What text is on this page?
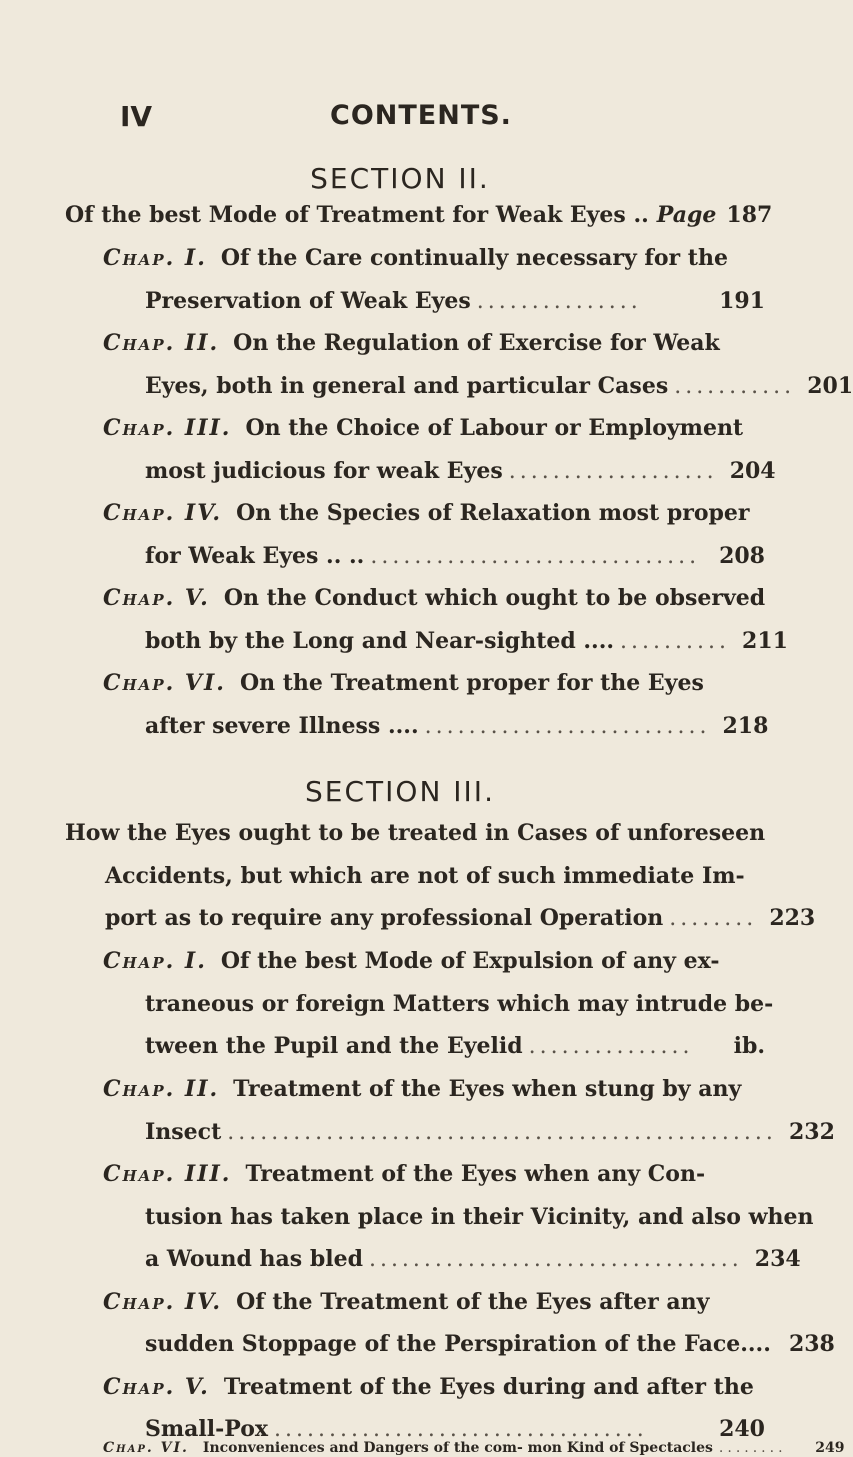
IV	CONTENTS.
SECTION II.
Of the best Mode of Treatment for Weak Eyes .. Page 187
Chap. I. Of the Care continually necessary for the
Preservation of Weak Eyes ...............	191
Chap. II. On the Regulation of Exercise for Weak
Eyes, both in general and particular Cases ........... 201
Chap. III. On the Choice of Labour or Employment
most judicious for weak Eyes ................... 204
Chap. IV. On the Species of Relaxation most proper
for Weak Eyes .. .. .............................. 208
Chap. V. On the Conduct which ought to be observed
both by the Long and Near-sighted .... .......... 211
Chap. VI. On the Treatment proper for the Eyes
after severe Illness .... .......................... 218
SECTION III.
How the Eyes ought to be treated in Cases of unforeseen
Accidents, but which are not of such immediate Im-
port as to require any professional Operation ........ 223
Chap. I. Of the best Mode of Expulsion of any ex-
traneous or foreign Matters which may intrude be-
tween the Pupil and the Eyelid ...............	ib.
Chap. II. Treatment of the Eyes when stung by any
Insect .................................................. 232
Chap. III. Treatment of the Eyes when any Con-
tusion has taken place in their Vicinity, and also when
a Wound has bled .................................. 234
Chap. IV. Of the Treatment of the Eyes after any
sudden Stoppage of the Perspiration of the Face.... 238
Chap. V. Treatment of the Eyes during and after the
Small-Pox ..................................	240
Chap. VI. Inconveniences and Dangers of the com- mon Kind of Spectacles ........	249
